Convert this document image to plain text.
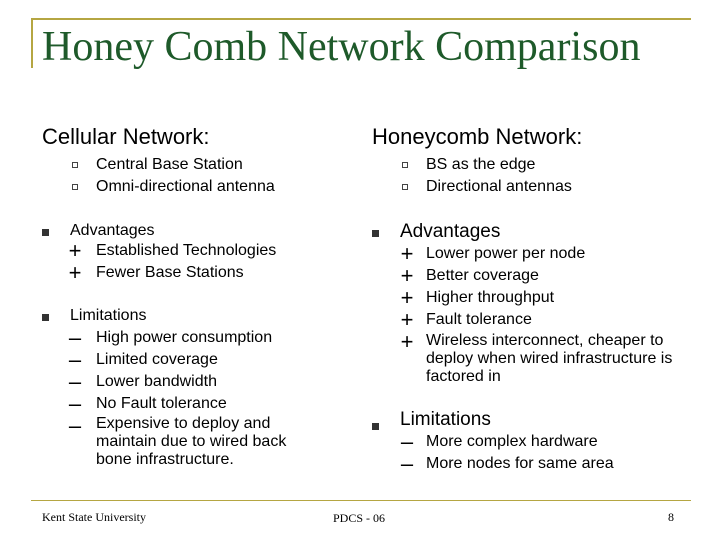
Honey Comb Network Comparison
Cellular Network:
Central Base Station
Omni-directional antenna
Advantages
+ Established Technologies
+ Fewer Base Stations
Limitations
– High power consumption
– Limited coverage
– Lower bandwidth
– No Fault tolerance
– Expensive to deploy and maintain due to wired back bone infrastructure.
Honeycomb Network:
BS as the edge
Directional antennas
Advantages
+ Lower power per node
+ Better coverage
+ Higher throughput
+ Fault tolerance
+ Wireless interconnect, cheaper to deploy when wired infrastructure is factored in
Limitations
– More complex hardware
– More nodes for same area
Kent State University	PDCS - 06	8
